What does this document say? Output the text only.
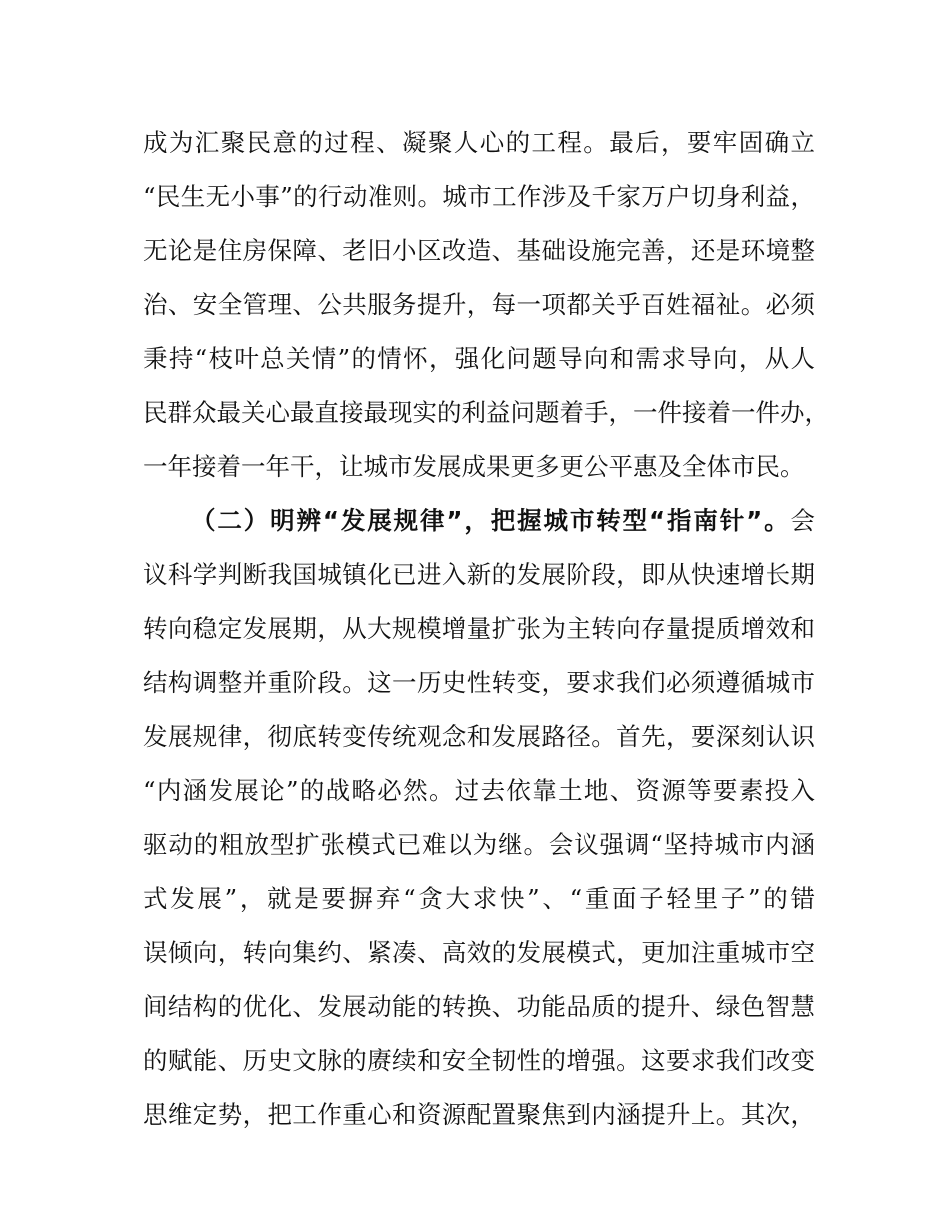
成为汇聚民意的过程、凝聚人心的工程。最后，要牢固确立
“民生无小事”的行动准则。城市工作涉及千家万户切身利益，
无论是住房保障、老旧小区改造、基础设施完善，还是环境整
治、安全管理、公共服务提升，每一项都关乎百姓福祉。必须
秉持“枝叶总关情”的情怀，强化问题导向和需求导向，从人
民群众最关心最直接最现实的利益问题着手，一件接着一件办，
一年接着一年干，让城市发展成果更多更公平惠及全体市民。
（二）明辨“发展规律”，把握城市转型“指南针”。会
议科学判断我国城镇化已进入新的发展阶段，即从快速增长期
转向稳定发展期，从大规模增量扩张为主转向存量提质增效和
结构调整并重阶段。这一历史性转变，要求我们必须遵循城市
发展规律，彻底转变传统观念和发展路径。首先，要深刻认识
“内涵发展论”的战略必然。过去依靠土地、资源等要素投入
驱动的粗放型扩张模式已难以为继。会议强调“坚持城市内涵
式发展”，就是要摒弃“贪大求快”、“重面子轻里子”的错
误倾向，转向集约、紧凑、高效的发展模式，更加注重城市空
间结构的优化、发展动能的转换、功能品质的提升、绿色智慧
的赋能、历史文脉的赓续和安全韧性的增强。这要求我们改变
思维定势，把工作重心和资源配置聚焦到内涵提升上。其次，
